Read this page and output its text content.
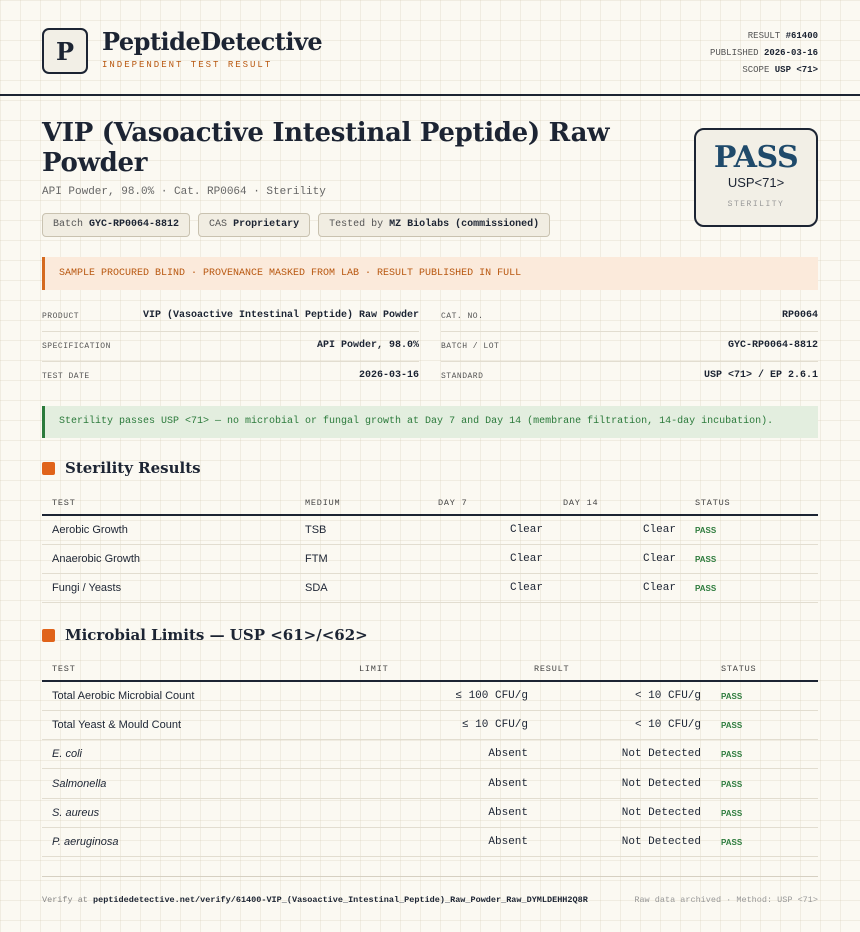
P	PeptideDetective
INDEPENDENT TEST RESULT
RESULT #61400
PUBLISHED 2026-03-16
SCOPE USP <71>
VIP (Vasoactive Intestinal Peptide) Raw Powder
API Powder, 98.0% · Cat. RP0064 · Sterility
Batch GYC-RP0064-8812	CAS Proprietary	Tested by MZ Biolabs (commissioned)
PASS
USP<71>
STERILITY
SAMPLE PROCURED BLIND · PROVENANCE MASKED FROM LAB · RESULT PUBLISHED IN FULL
PRODUCT	VIP (Vasoactive Intestinal Peptide) Raw Powder
SPECIFICATION	API Powder, 98.0%
TEST DATE	2026-03-16
CAT. NO.	RP0064
BATCH / LOT	GYC-RP0064-8812
STANDARD	USP <71> / EP 2.6.1
Sterility passes USP <71> — no microbial or fungal growth at Day 7 and Day 14 (membrane filtration, 14-day incubation).
Sterility Results
TEST	MEDIUM	DAY 7	DAY 14	STATUS
Aerobic Growth	TSB	Clear	Clear PASS
Anaerobic Growth	FTM	Clear	Clear PASS
Fungi / Yeasts	SDA	Clear	Clear PASS
Microbial Limits — USP <61>/<62>
TEST	LIMIT	RESULT	STATUS
Total Aerobic Microbial Count	≤ 100 CFU/g	< 10 CFU/g	PASS
Total Yeast & Mould Count	≤ 10 CFU/g	< 10 CFU/g	PASS
E. coli	Absent	Not Detected	PASS
Salmonella	Absent	Not Detected	PASS
S. aureus	Absent	Not Detected	PASS
P. aeruginosa	Absent	Not Detected	PASS
Verify at peptidedetective.net/verify/61400-VIP_(Vasoactive_Intestinal_Peptide)_Raw_Powder_Raw_DYMLDEHH2Q8R	Raw data archived · Method: USP <71>
